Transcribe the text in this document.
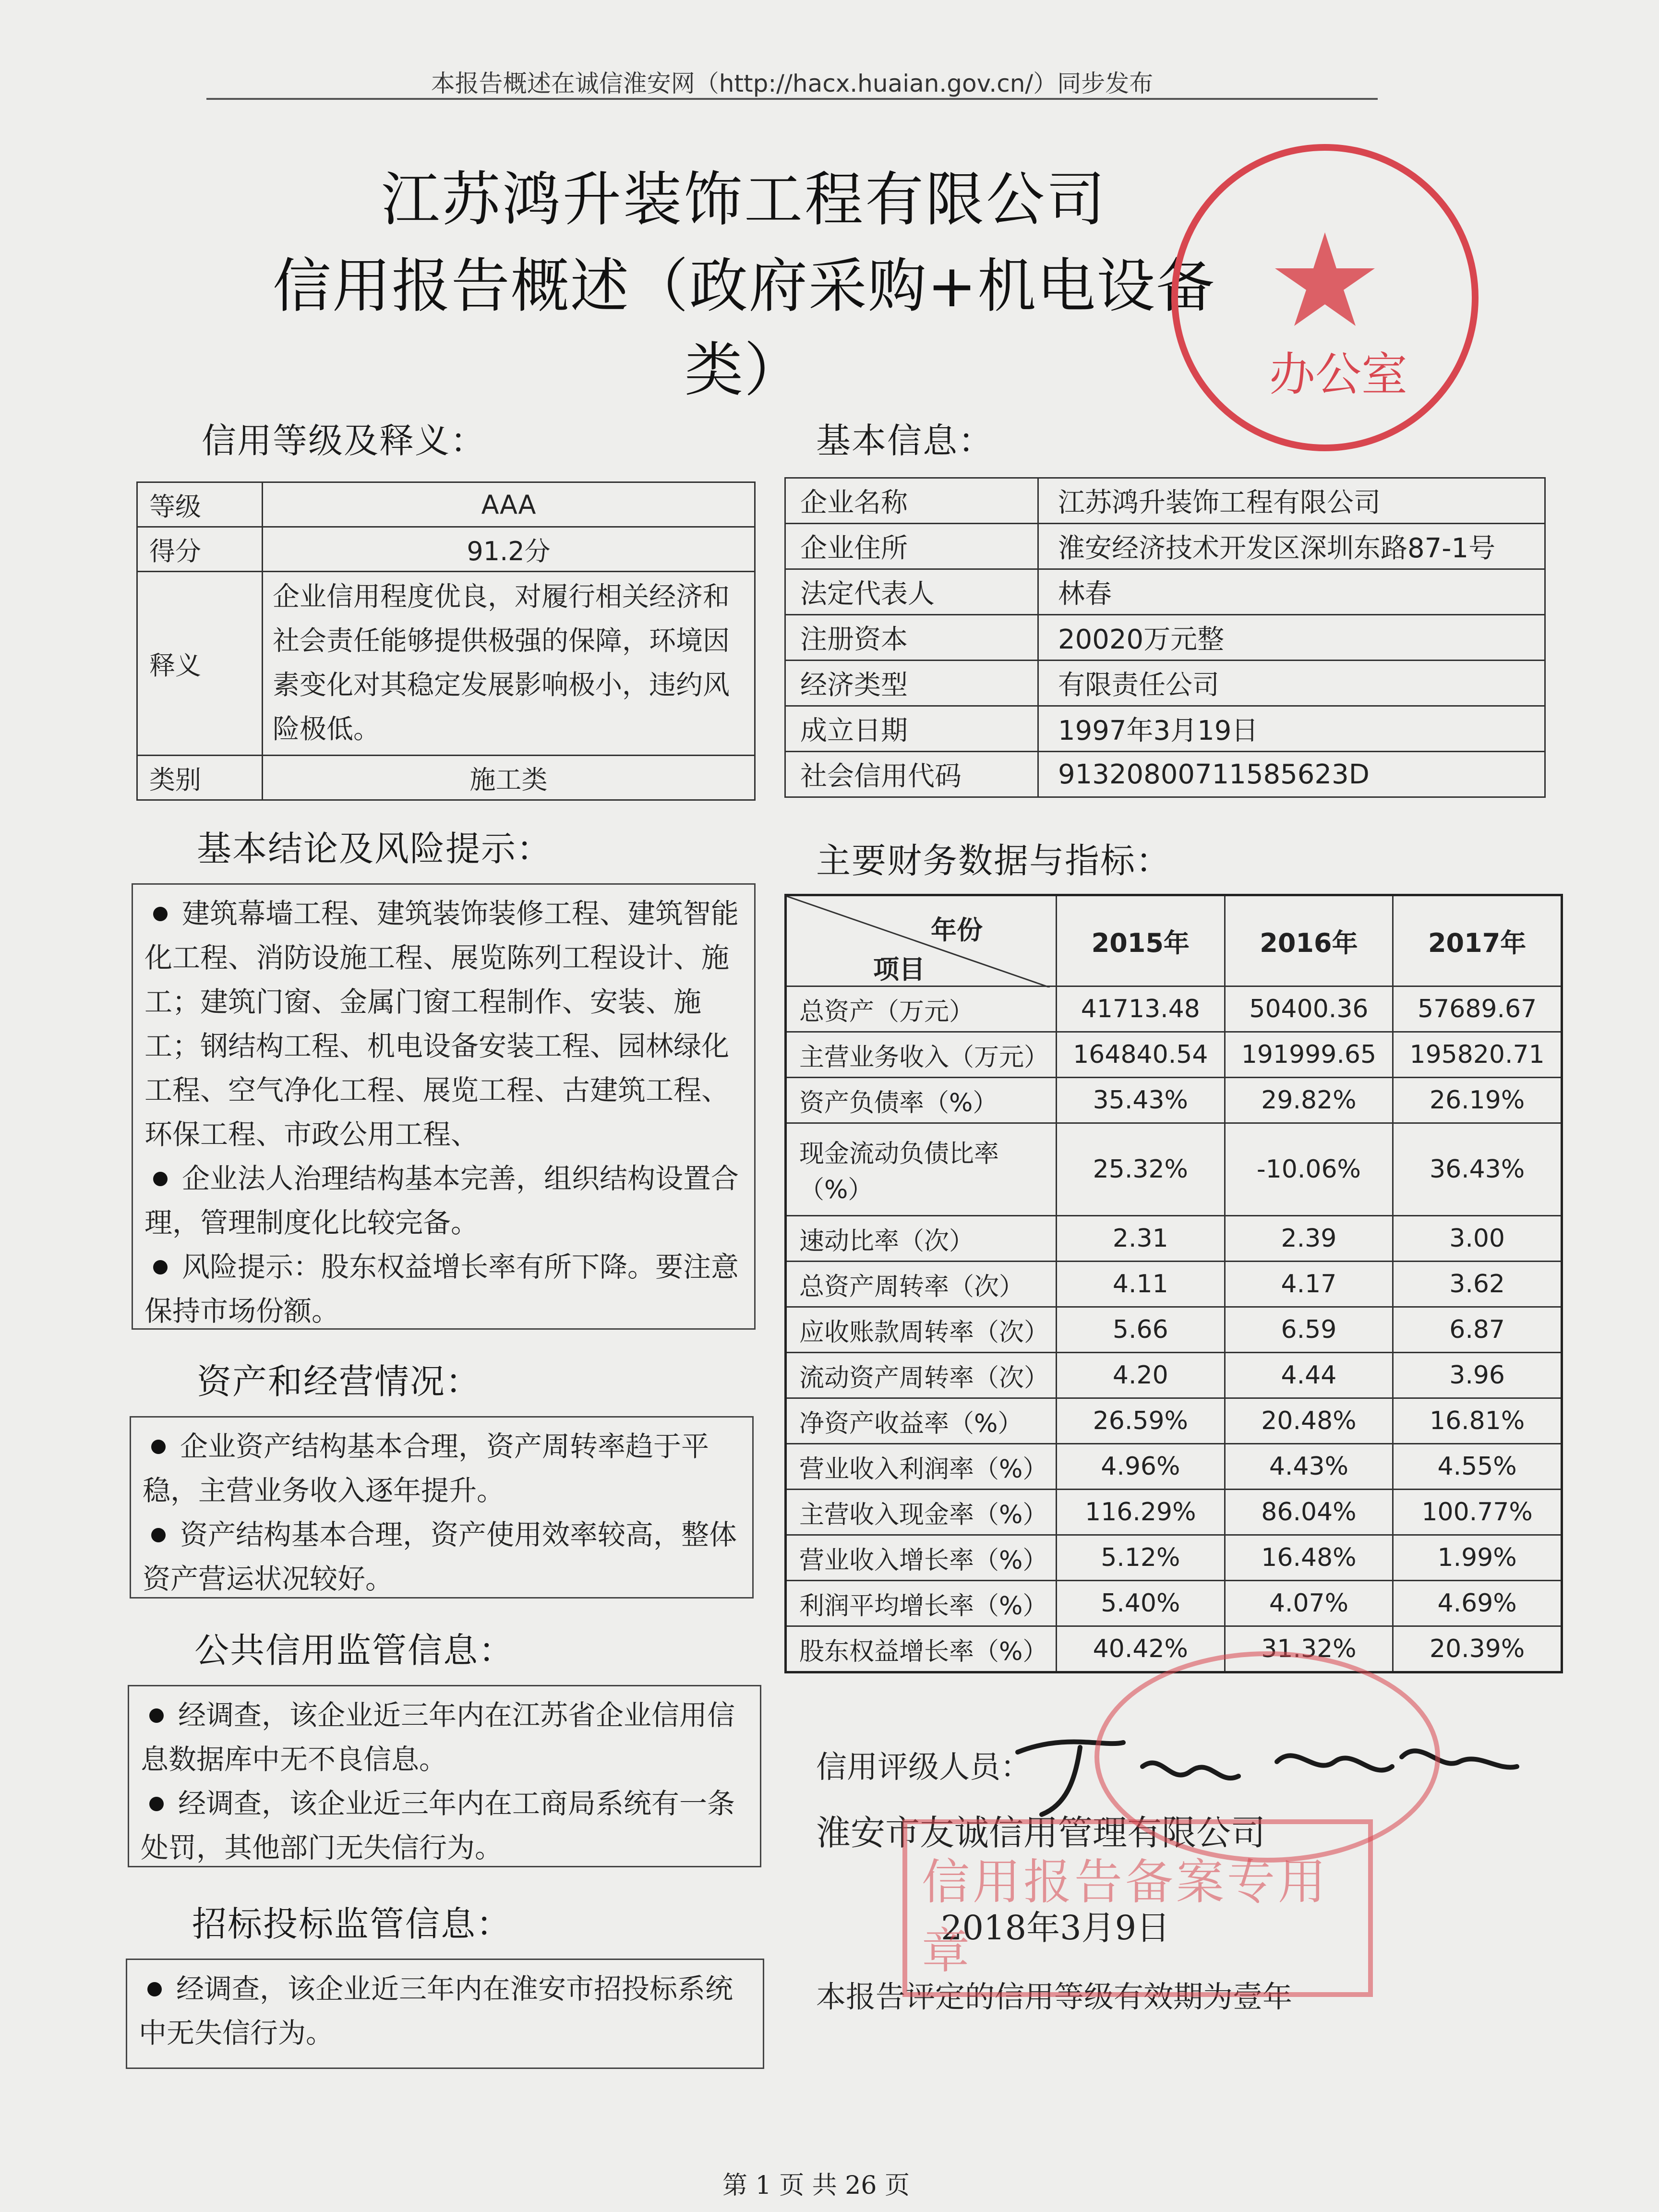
本报告概述在诚信淮安网（http://hacx.huaian.gov.cn/）同步发布
江苏鸿升装饰工程有限公司
信用报告概述（政府采购+机电设备类）	办公室
信用等级及释义：
等级	AAA
得分	91.2分
释义	企业信用程度优良，对履行相关经济和社会责任能够提供极强的保障，环境因素变化对其稳定发展影响极小，违约风险极低。
类别	施工类
基本结论及风险提示：
建筑幕墙工程、建筑装饰装修工程、建筑智能化工程、消防设施工程、展览陈列工程设计、施工；建筑门窗、金属门窗工程制作、安装、施工；钢结构工程、机电设备安装工程、园林绿化工程、空气净化工程、展览工程、古建筑工程、环保工程、市政公用工程、
企业法人治理结构基本完善，组织结构设置合理，管理制度化比较完备。
风险提示：股东权益增长率有所下降。要注意保持市场份额。
资产和经营情况：
企业资产结构基本合理，资产周转率趋于平稳，主营业务收入逐年提升。
资产结构基本合理，资产使用效率较高，整体资产营运状况较好。
公共信用监管信息：
经调查，该企业近三年内在江苏省企业信用信息数据库中无不良信息。
经调查，该企业近三年内在工商局系统有一条处罚，其他部门无失信行为。
招标投标监管信息：
经调查，该企业近三年内在淮安市招投标系统中无失信行为。
基本信息：
企业名称	江苏鸿升装饰工程有限公司
企业住所	淮安经济技术开发区深圳东路87-1号
法定代表人	林春
注册资本	20020万元整
经济类型	有限责任公司
成立日期	1997年3月19日
社会信用代码	91320800711585623D
主要财务数据与指标：
年份
项目	2015年	2016年	2017年
总资产（万元）	41713.48	50400.36	57689.67
主营业务收入（万元）	164840.54	191999.65	195820.71
资产负债率（%）	35.43%	29.82%	26.19%
现金流动负债比率（%）	25.32%	-10.06%	36.43%
速动比率（次）	2.31	2.39	3.00
总资产周转率（次）	4.11	4.17	3.62
应收账款周转率（次）	5.66	6.59	6.87
流动资产周转率（次）	4.20	4.44	3.96
净资产收益率（%）	26.59%	20.48%	16.81%
营业收入利润率（%）	4.96%	4.43%	4.55%
主营收入现金率（%）	116.29%	86.04%	100.77%
营业收入增长率（%）	5.12%	16.48%	1.99%
利润平均增长率（%）	5.40%	4.07%	4.69%
股东权益增长率（%）	40.42%	31.32%	20.39%
信用评级人员：
淮安市友诚信用管理有限公司
2018年3月9日
本报告评定的信用等级有效期为壹年
信用报告备案专用章
第 1 页 共 26 页
